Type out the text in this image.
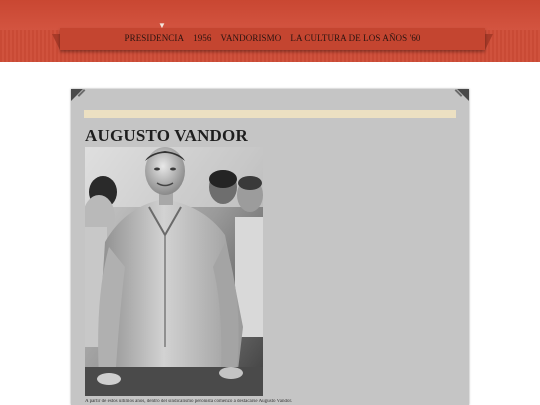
▼
PRESIDENCIA 1956 VANDORISMO LA CULTURA DE LOS AÑOS '60
AUGUSTO VANDOR

A partir de estos últimos años, dentro del sindicalismo peronista comenzó a destacarse Augusto Vandor.
